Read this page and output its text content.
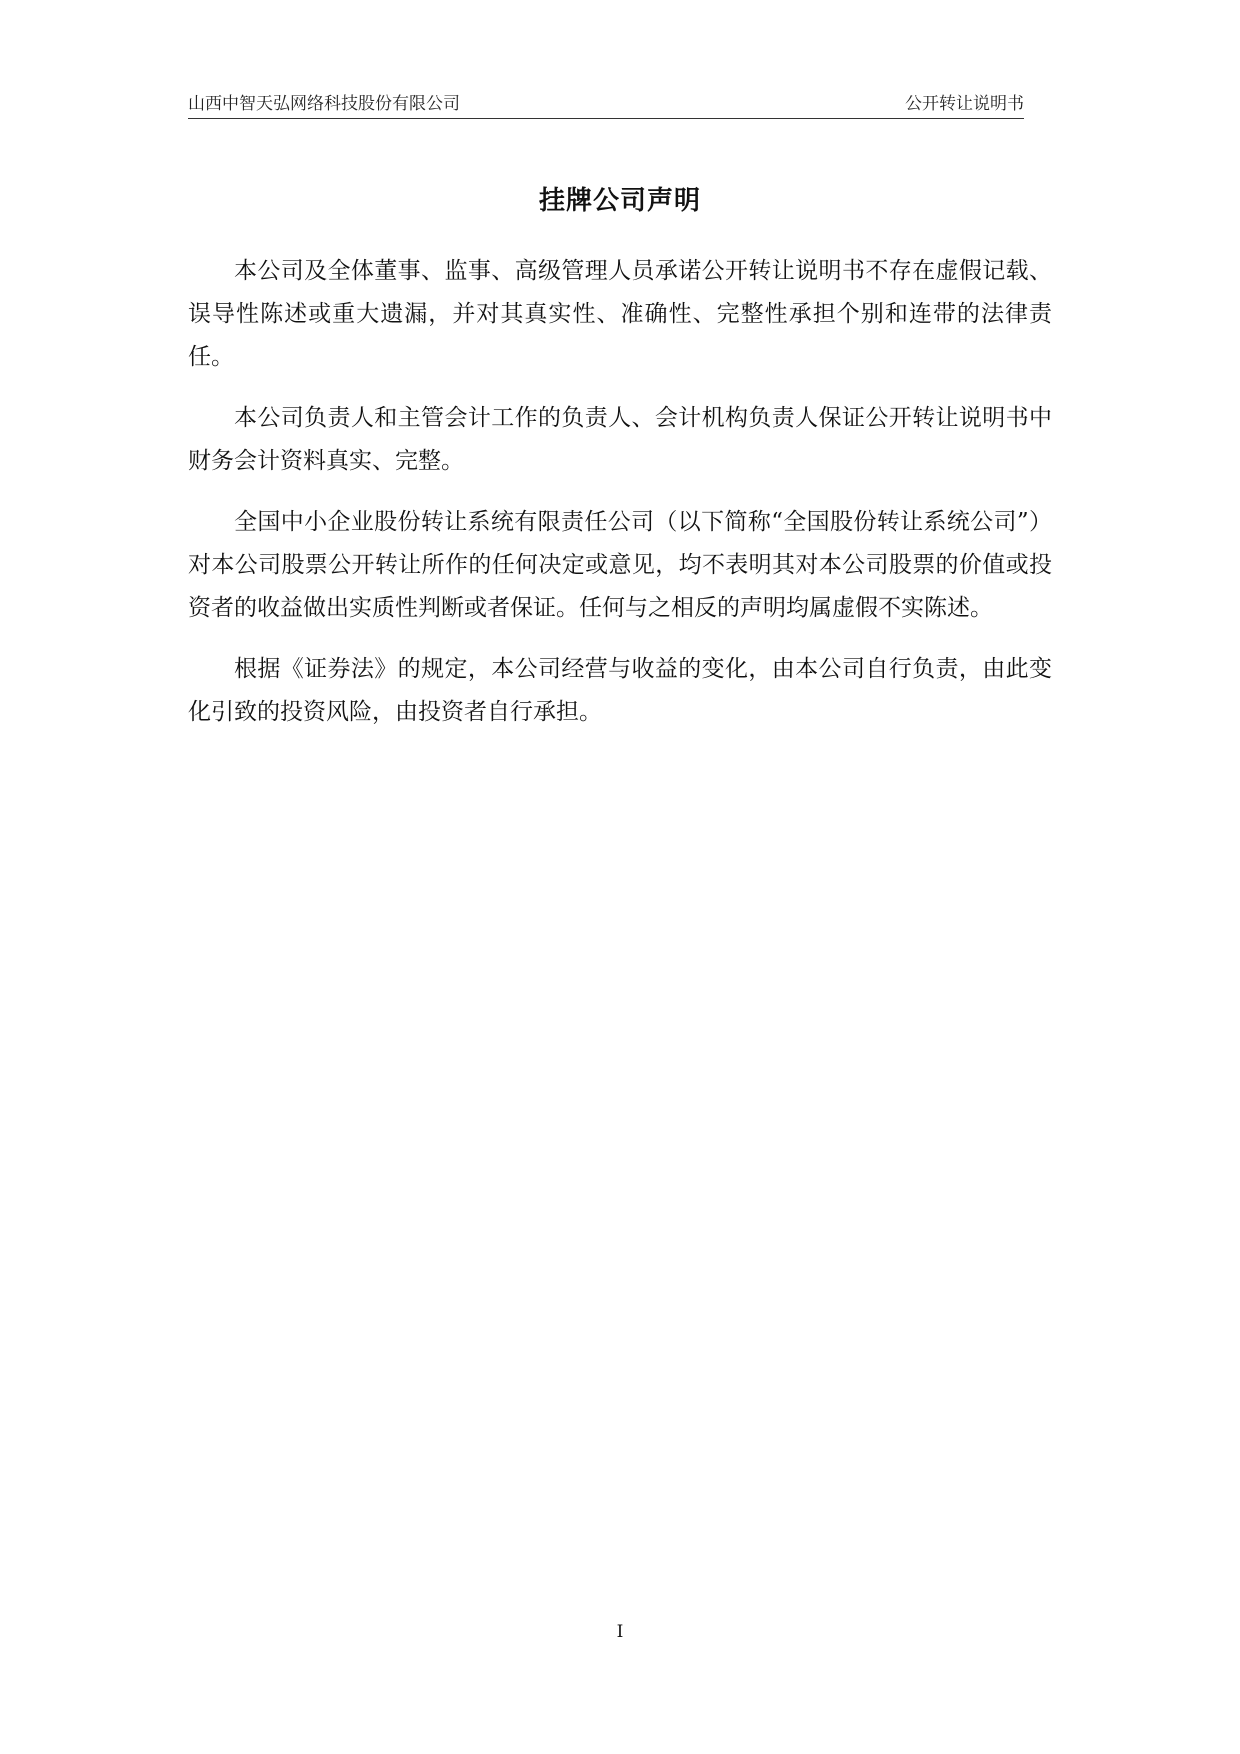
山西中智天弘网络科技股份有限公司	公开转让说明书
挂牌公司声明

本公司及全体董事、监事、高级管理人员承诺公开转让说明书不存在虚假记载、误导性陈述或重大遗漏，并对其真实性、准确性、完整性承担个别和连带的法律责任。

本公司负责人和主管会计工作的负责人、会计机构负责人保证公开转让说明书中财务会计资料真实、完整。

全国中小企业股份转让系统有限责任公司（以下简称“全国股份转让系统公司”）对本公司股票公开转让所作的任何决定或意见，均不表明其对本公司股票的价值或投资者的收益做出实质性判断或者保证。任何与之相反的声明均属虚假不实陈述。

根据《证券法》的规定，本公司经营与收益的变化，由本公司自行负责，由此变化引致的投资风险，由投资者自行承担。

I
